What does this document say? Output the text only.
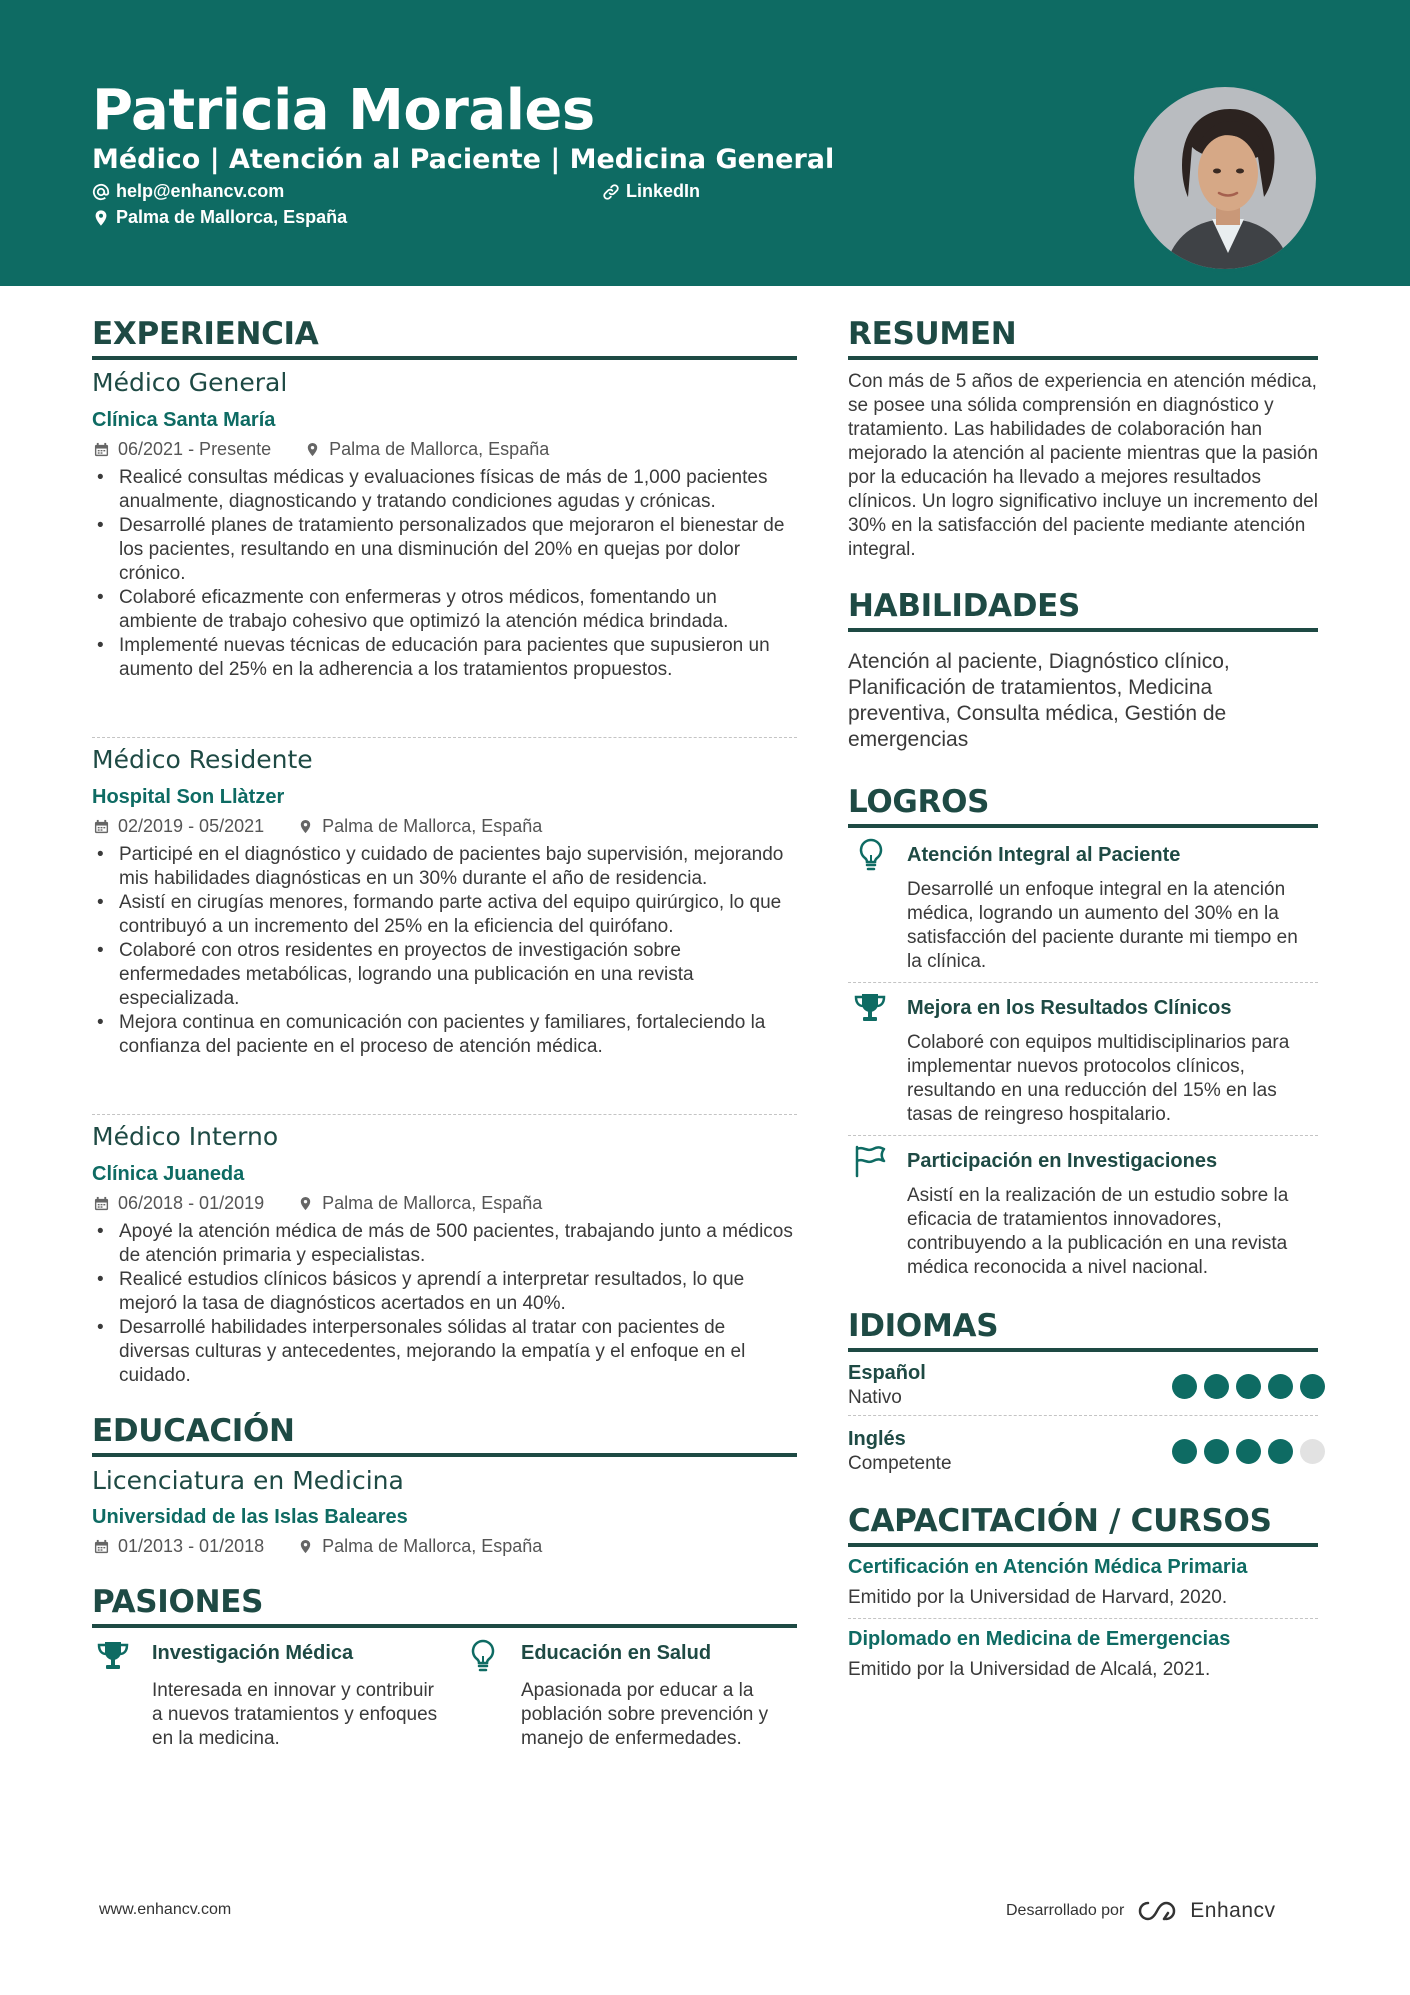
Patricia Morales
Médico | Atención al Paciente | Medicina General
help@enhancv.com	LinkedIn
Palma de Mallorca, España
EXPERIENCIA
Médico General
Clínica Santa María
06/2021 - Presente	Palma de Mallorca, España
• Realicé consultas médicas y evaluaciones físicas de más de 1,000 pacientes anualmente, diagnosticando y tratando condiciones agudas y crónicas.
• Desarrollé planes de tratamiento personalizados que mejoraron el bienestar de los pacientes, resultando en una disminución del 20% en quejas por dolor crónico.
• Colaboré eficazmente con enfermeras y otros médicos, fomentando un ambiente de trabajo cohesivo que optimizó la atención médica brindada.
• Implementé nuevas técnicas de educación para pacientes que supusieron un aumento del 25% en la adherencia a los tratamientos propuestos.
Médico Residente
Hospital Son Llàtzer
02/2019 - 05/2021	Palma de Mallorca, España
• Participé en el diagnóstico y cuidado de pacientes bajo supervisión, mejorando mis habilidades diagnósticas en un 30% durante el año de residencia.
• Asistí en cirugías menores, formando parte activa del equipo quirúrgico, lo que contribuyó a un incremento del 25% en la eficiencia del quirófano.
• Colaboré con otros residentes en proyectos de investigación sobre enfermedades metabólicas, logrando una publicación en una revista especializada.
• Mejora continua en comunicación con pacientes y familiares, fortaleciendo la confianza del paciente en el proceso de atención médica.
Médico Interno
Clínica Juaneda
06/2018 - 01/2019	Palma de Mallorca, España
• Apoyé la atención médica de más de 500 pacientes, trabajando junto a médicos de atención primaria y especialistas.
• Realicé estudios clínicos básicos y aprendí a interpretar resultados, lo que mejoró la tasa de diagnósticos acertados en un 40%.
• Desarrollé habilidades interpersonales sólidas al tratar con pacientes de diversas culturas y antecedentes, mejorando la empatía y el enfoque en el cuidado.
EDUCACIÓN
Licenciatura en Medicina
Universidad de las Islas Baleares
01/2013 - 01/2018	Palma de Mallorca, España
PASIONES
Investigación Médica
Interesada en innovar y contribuir a nuevos tratamientos y enfoques en la medicina.
Educación en Salud
Apasionada por educar a la población sobre prevención y manejo de enfermedades.
RESUMEN
Con más de 5 años de experiencia en atención médica, se posee una sólida comprensión en diagnóstico y tratamiento. Las habilidades de colaboración han mejorado la atención al paciente mientras que la pasión por la educación ha llevado a mejores resultados clínicos. Un logro significativo incluye un incremento del 30% en la satisfacción del paciente mediante atención integral.
HABILIDADES
Atención al paciente, Diagnóstico clínico, Planificación de tratamientos, Medicina preventiva, Consulta médica, Gestión de emergencias
LOGROS
Atención Integral al Paciente
Desarrollé un enfoque integral en la atención médica, logrando un aumento del 30% en la satisfacción del paciente durante mi tiempo en la clínica.
Mejora en los Resultados Clínicos
Colaboré con equipos multidisciplinarios para implementar nuevos protocolos clínicos, resultando en una reducción del 15% en las tasas de reingreso hospitalario.
Participación en Investigaciones
Asistí en la realización de un estudio sobre la eficacia de tratamientos innovadores, contribuyendo a la publicación en una revista médica reconocida a nivel nacional.
IDIOMAS
Español
Nativo
Inglés
Competente
CAPACITACIÓN / CURSOS
Certificación en Atención Médica Primaria
Emitido por la Universidad de Harvard, 2020.
Diplomado en Medicina de Emergencias
Emitido por la Universidad de Alcalá, 2021.
www.enhancv.com	Desarrollado por	Enhancv
